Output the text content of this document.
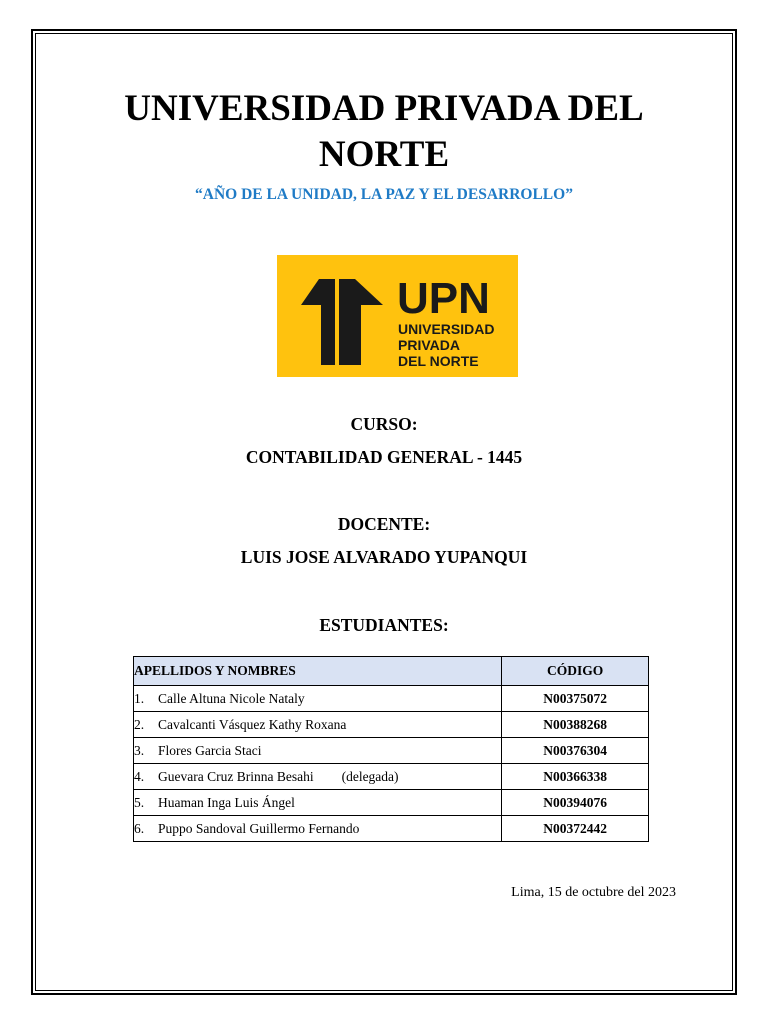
UNIVERSIDAD PRIVADA DEL
NORTE
“AÑO DE LA UNIDAD, LA PAZ Y EL DESARROLLO”
UPN
UNIVERSIDAD
PRIVADA
DEL NORTE
CURSO:
CONTABILIDAD GENERAL - 1445
DOCENTE:
LUIS JOSE ALVARADO YUPANQUI
ESTUDIANTES:
APELLIDOS Y NOMBRES	CÓDIGO
1. Calle Altuna Nicole Nataly	N00375072
2. Cavalcanti Vásquez Kathy Roxana	N00388268
3. Flores Garcia Staci	N00376304
4. Guevara Cruz Brinna Besahi (delegada)	N00366338
5. Huaman Inga Luis Ángel	N00394076
6. Puppo Sandoval Guillermo Fernando	N00372442
Lima, 15 de octubre del 2023
